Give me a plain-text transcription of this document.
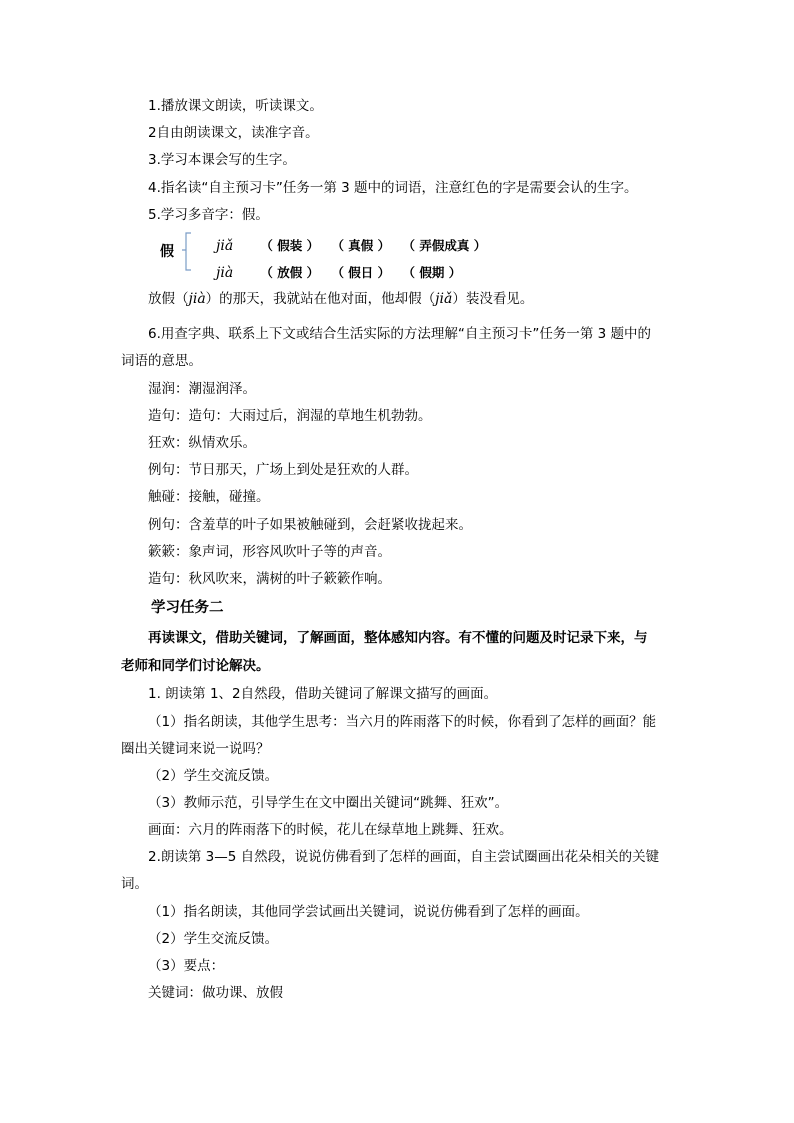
1.播放课文朗读，听读课文。
2自由朗读课文，读准字音。
3.学习本课会写的生字。
4.指名读“自主预习卡”任务一第 3 题中的词语，注意红色的字是需要会认的生字。
5.学习多音字：假。
假	jiǎ （ 假装 ） （ 真假 ） （ 弄假成真 ）
jià （ 放假 ） （ 假日 ） （ 假期 ）
放假（jià）的那天，我就站在他对面，他却假（jiǎ）装没看见。
6.用查字典、联系上下文或结合生活实际的方法理解“自主预习卡”任务一第 3 题中的
词语的意思。
湿润：潮湿润泽。
造句：造句：大雨过后，润湿的草地生机勃勃。
狂欢：纵情欢乐。
例句：节日那天，广场上到处是狂欢的人群。
触碰：接触，碰撞。
例句：含羞草的叶子如果被触碰到，会赶紧收拢起来。
簌簌：象声词，形容风吹叶子等的声音。
造句：秋风吹来，满树的叶子簌簌作响。
学习任务二
再读课文，借助关键词，了解画面，整体感知内容。有不懂的问题及时记录下来，与
老师和同学们讨论解决。
1. 朗读第 1、2自然段，借助关键词了解课文描写的画面。
（1）指名朗读，其他学生思考：当六月的阵雨落下的时候，你看到了怎样的画面？能
圈出关键词来说一说吗？
（2）学生交流反馈。
（3）教师示范，引导学生在文中圈出关键词“跳舞、狂欢”。
画面：六月的阵雨落下的时候，花儿在绿草地上跳舞、狂欢。
2.朗读第 3—5 自然段，说说仿佛看到了怎样的画面，自主尝试圈画出花朵相关的关键
词。
（1）指名朗读，其他同学尝试画出关键词，说说仿佛看到了怎样的画面。
（2）学生交流反馈。
（3）要点：
关键词：做功课、放假
